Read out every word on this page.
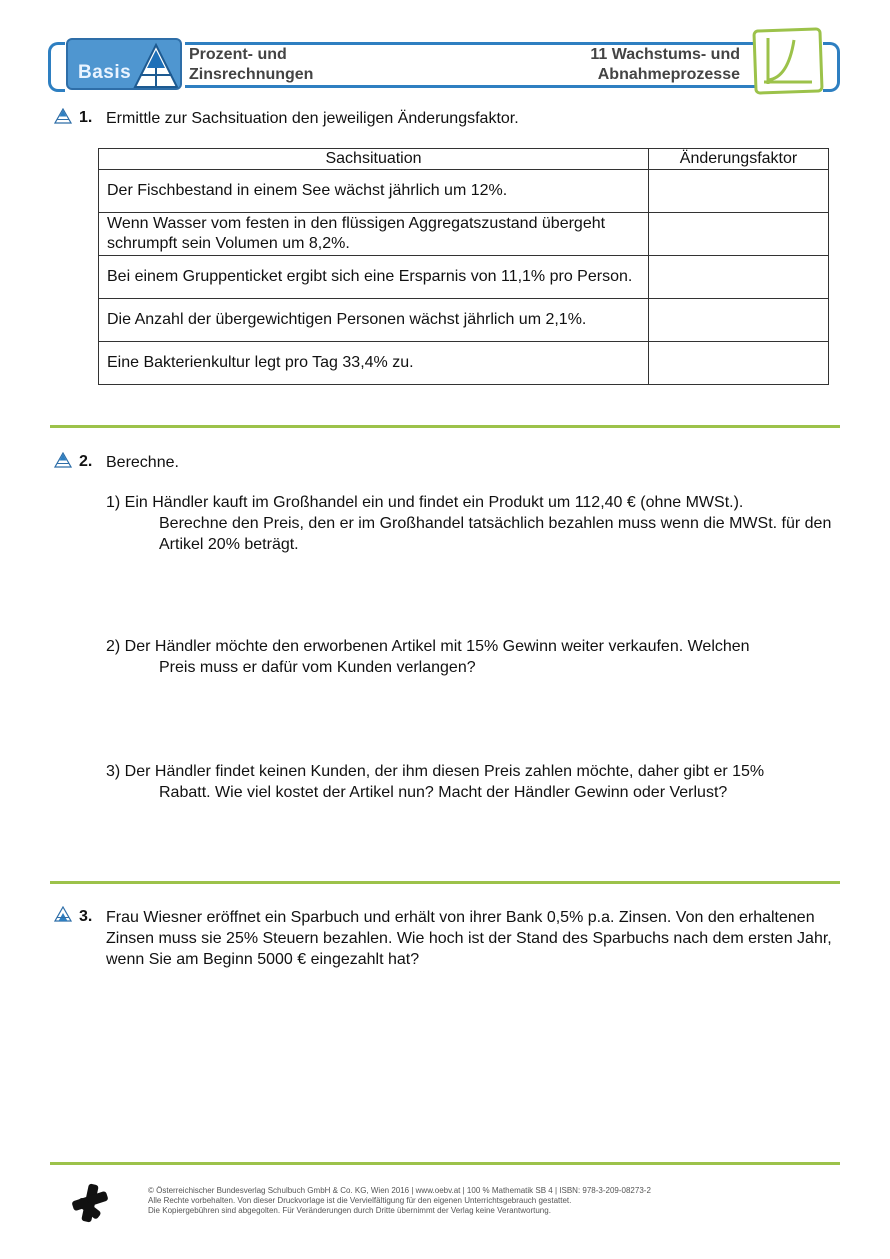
Basis
Prozent- und
Zinsrechnungen
11 Wachstums- und
Abnahmeprozesse
1. Ermittle zur Sachsituation den jeweiligen Änderungsfaktor.
Sachsituation	Änderungsfaktor
Der Fischbestand in einem See wächst jährlich um 12%.	
Wenn Wasser vom festen in den flüssigen Aggregatszustand übergeht schrumpft sein Volumen um 8,2%.	
Bei einem Gruppenticket ergibt sich eine Ersparnis von 11,1% pro Person.	
Die Anzahl der übergewichtigen Personen wächst jährlich um 2,1%.	
Eine Bakterienkultur legt pro Tag 33,4% zu.	
2. Berechne.
1) Ein Händler kauft im Großhandel ein und findet ein Produkt um 112,40 € (ohne MWSt.).
Berechne den Preis, den er im Großhandel tatsächlich bezahlen muss wenn die MWSt. für den Artikel 20% beträgt.
2) Der Händler möchte den erworbenen Artikel mit 15% Gewinn weiter verkaufen. Welchen
Preis muss er dafür vom Kunden verlangen?
3) Der Händler findet keinen Kunden, der ihm diesen Preis zahlen möchte, daher gibt er 15%
Rabatt. Wie viel kostet der Artikel nun? Macht der Händler Gewinn oder Verlust?
3. Frau Wiesner eröffnet ein Sparbuch und erhält von ihrer Bank 0,5% p.a. Zinsen. Von den erhaltenen Zinsen muss sie 25% Steuern bezahlen. Wie hoch ist der Stand des Sparbuchs nach dem ersten Jahr, wenn Sie am Beginn 5000 € eingezahlt hat?
© Österreichischer Bundesverlag Schulbuch GmbH & Co. KG, Wien 2016 | www.oebv.at | 100 % Mathematik SB 4 | ISBN: 978-3-209-08273-2
Alle Rechte vorbehalten. Von dieser Druckvorlage ist die Vervielfältigung für den eigenen Unterrichtsgebrauch gestattet.
Die Kopiergebühren sind abgegolten. Für Veränderungen durch Dritte übernimmt der Verlag keine Verantwortung.
